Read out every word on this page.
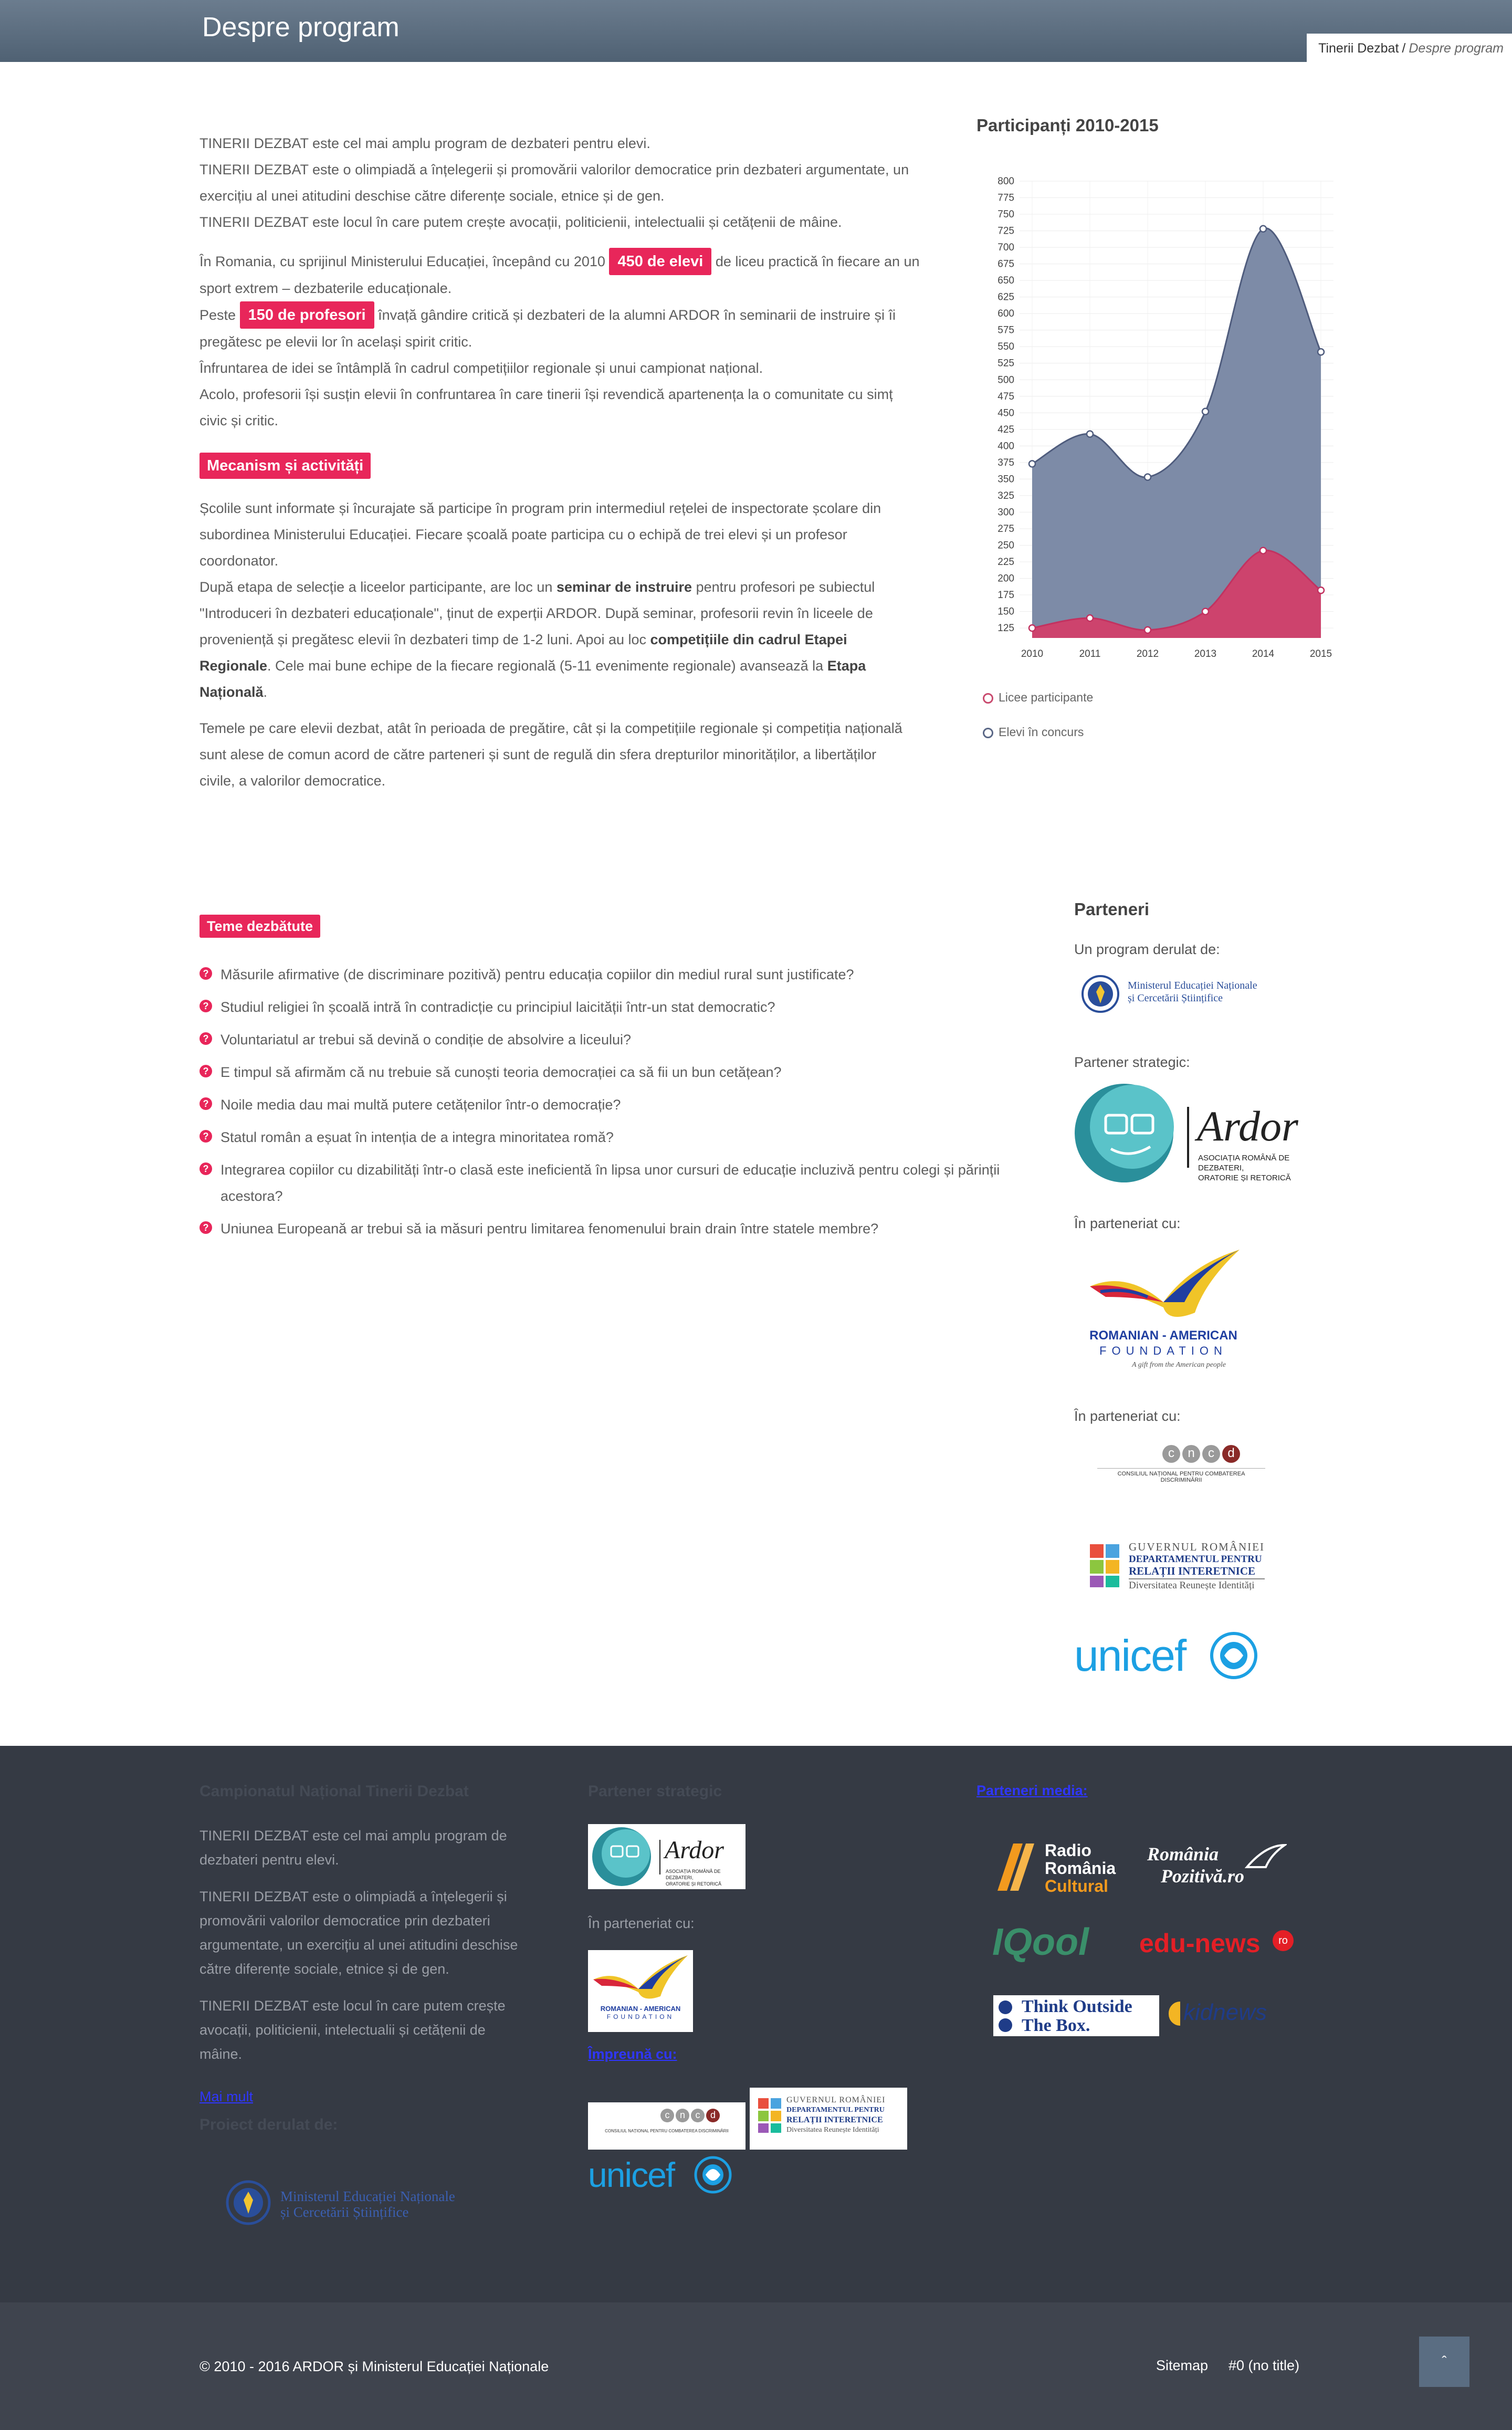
Despre program
Tinerii Dezbat / Despre program
TINERII DEZBAT este cel mai amplu program de dezbateri pentru elevi.
TINERII DEZBAT este o olimpiadă a înțelegerii și promovării valorilor democratice prin dezbateri argumentate, un
exercițiu al unei atitudini deschise către diferențe sociale, etnice și de gen.
TINERII DEZBAT este locul în care putem crește avocații, politicienii, intelectualii și cetățenii de mâine.
În Romania, cu sprijinul Ministerului Educației, începând cu 2010 450 de elevi de liceu practică în fiecare an un
sport extrem – dezbaterile educaționale.
Peste 150 de profesori învață gândire critică și dezbateri de la alumni ARDOR în seminarii de instruire și îi
pregătesc pe elevii lor în același spirit critic.
Înfruntarea de idei se întâmplă în cadrul competițiilor regionale și unui campionat național.
Acolo, profesorii își susțin elevii în confruntarea în care tinerii își revendică apartenența la o comunitate cu simț
civic și critic.
Mecanism și activități
Școlile sunt informate și încurajate să participe în program prin intermediul rețelei de inspectorate școlare din
subordinea Ministerului Educației. Fiecare școală poate participa cu o echipă de trei elevi și un profesor
coordonator.
După etapa de selecție a liceelor participante, are loc un seminar de instruire pentru profesori pe subiectul
"Introduceri în dezbateri educaționale", ținut de experții ARDOR. După seminar, profesorii revin în liceele de
proveniență și pregătesc elevii în dezbateri timp de 1-2 luni. Apoi au loc competițiile din cadrul Etapei
Regionale. Cele mai bune echipe de la fiecare regională (5-11 evenimente regionale) avansează la Etapa
Națională.
Temele pe care elevii dezbat, atât în perioada de pregătire, cât și la competițiile regionale și competiția națională
sunt alese de comun acord de către parteneri și sunt de regulă din sfera drepturilor minorităților, a libertăților
civile, a valorilor democratice.
Participanți 2010-2015
125
150
175
200
225
250
275
300
325
350
375
400
425
450
475
500
525
550
575
600
625
650
675
700
725
750
775
800
2010	2011	2012	2013	2014	2015
Licee participante
Elevi în concurs
Teme dezbătute
? Măsurile afirmative (de discriminare pozitivă) pentru educația copiilor din mediul rural sunt justificate?
? Studiul religiei în școală intră în contradicție cu principiul laicității într-un stat democratic?
? Voluntariatul ar trebui să devină o condiție de absolvire a liceului?
? E timpul să afirmăm că nu trebuie să cunoști teoria democrației ca să fii un bun cetățean?
? Noile media dau mai multă putere cetățenilor într-o democrație?
? Statul român a eșuat în intenția de a integra minoritatea romă?
? Integrarea copiilor cu dizabilități într-o clasă este ineficientă în lipsa unor cursuri de educație incluzivă pentru colegi și părinții
acestora?
? Uniunea Europeană ar trebui să ia măsuri pentru limitarea fenomenului brain drain între statele membre?
Parteneri
Un program derulat de:
Ministerul Educației Naționale
și Cercetării Științifice
Partener strategic:
Ardor
ASOCIAȚIA ROMÂNĂ DE DEZBATERI,
ORATORIE ȘI RETORICĂ
În parteneriat cu:
ROMANIAN - AMERICAN
FOUNDATION
A gift from the American people
În parteneriat cu:
c	n	c	d
CONSILIUL NAȚIONAL PENTRU COMBATEREA DISCRIMINĂRII
GUVERNUL ROMÂNIEI
DEPARTAMENTUL PENTRU
RELAȚII INTERETNICE
Diversitatea Reunește Identități
unicef
Campionatul Național Tinerii Dezbat
TINERII DEZBAT este cel mai amplu program de
dezbateri pentru elevi.
TINERII DEZBAT este o olimpiadă a înțelegerii și
promovării valorilor democratice prin dezbateri
argumentate, un exercițiu al unei atitudini deschise
către diferențe sociale, etnice și de gen.
TINERII DEZBAT este locul în care putem crește
avocații, politicienii, intelectualii și cetățenii de
mâine.
Mai mult
Proiect derulat de:
Ministerul Educației Naționale
și Cercetării Științifice
Partener strategic
Ardor
ASOCIAȚIA ROMÂNĂ DE DEZBATERI,
ORATORIE ȘI RETORICĂ
În parteneriat cu:
ROMANIAN - AMERICAN
FOUNDATION
Împreună cu:
c	n	c	d
CONSILIUL NAȚIONAL PENTRU COMBATEREA DISCRIMINĂRII
GUVERNUL ROMÂNIEI
DEPARTAMENTUL PENTRU
RELAȚII INTERETNICE
Diversitatea Reunește Identități
unicef
Parteneri media:
Radio
România
Cultural
România
Pozitivă.ro
IQool edu-news	ro
Think Outside
The Box.
kidnews
© 2010 - 2016 ARDOR și Ministerul Educației Naționale	Sitemap #0 (no title)	ˆ
